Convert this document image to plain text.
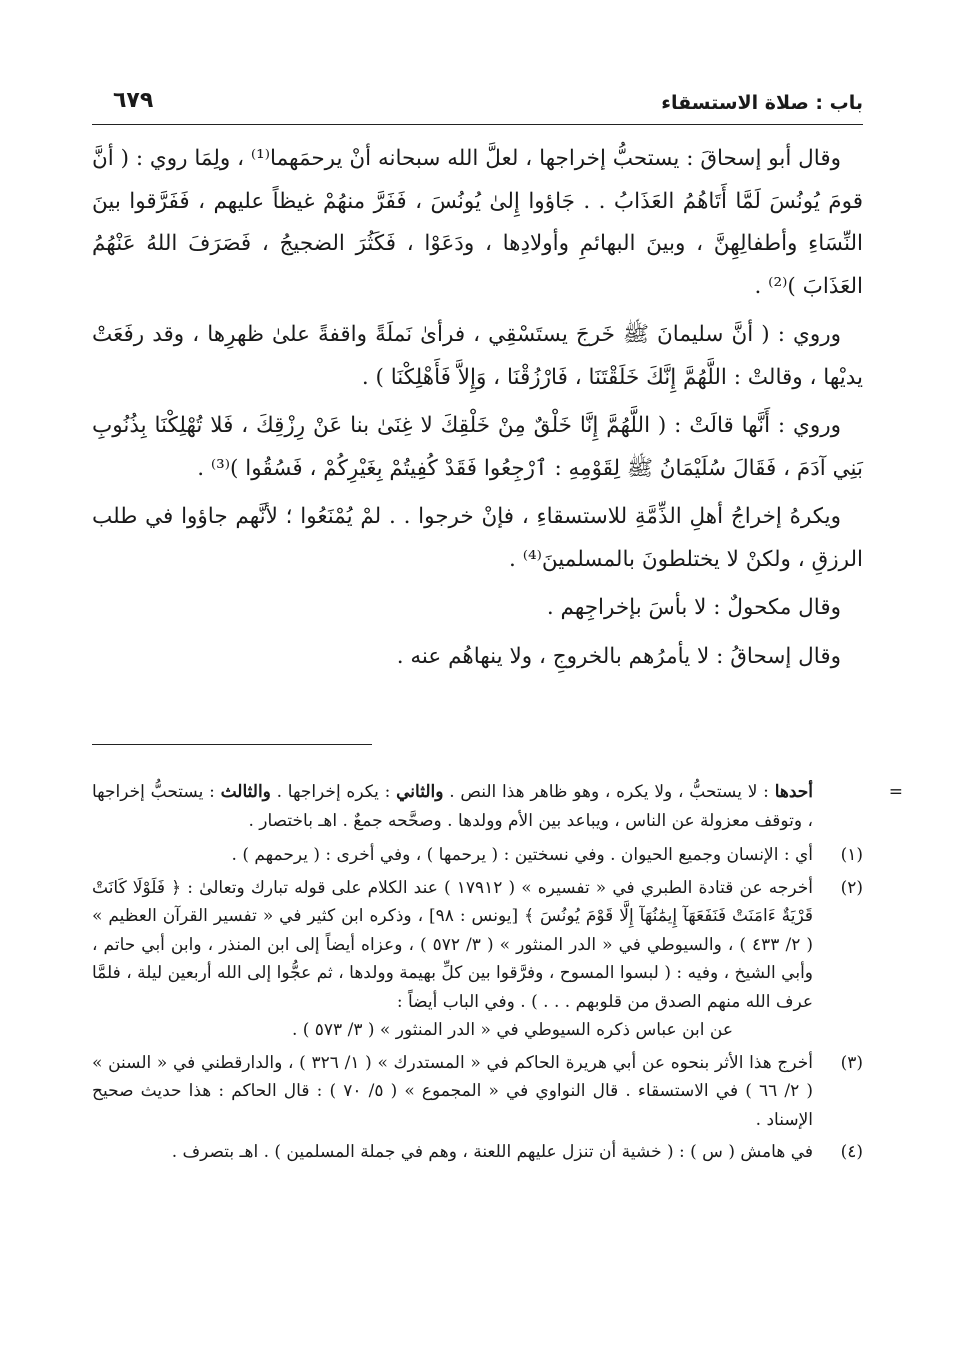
باب : صلاة الاستسقاء
٦٧٩

وقال أبو إسحاقَ : يستحبُّ إخراجها ، لعلَّ الله سبحانه أنْ يرحمَهما⁽¹⁾ ، ولِمَا روي : ( أنَّ قومَ يُونُسَ لَمَّا أَتَاهُمُ العَذَابُ . . جَاؤوا إِلىٰ يُونُسَ ، فَفَرَّ منهُمْ غيظاً عليهم ، فَفَرَّقوا بينَ النِّسَاءِ وأطفالِهِنَّ ، وبينَ البهائمِ وأولادِها ، ودَعَوْا ، فَكَثُرَ الضجيجُ ، فَصَرَفَ اللهُ عَنْهُمُ العَذَابَ )⁽²⁾ .

وروي : ( أنَّ سليمانَ ﷺ خَرجَ يستَسْقِي ، فرأىٰ نَملَةً واقفةً علىٰ ظهرِها ، وقد رفَعَتْ يديْها ، وقالتْ : اللَّهُمَّ إِنَّكَ خَلَقْتَنَا ، فَارْزُقْنَا ، وَإِلاَّ فَأَهْلِكْنَا ) .

وروي : أَنَّها قالَتْ : ( اللَّهُمَّ إِنَّا خَلْقٌ مِنْ خَلْقِكَ لا غِنَىٰ بنا عَنْ رِزْقِكَ ، فَلا تُهْلِكْنَا بِذُنُوبِ بَنِي آدَمَ ، فَقَالَ سُلَيْمَانُ ﷺ لِقَوْمِهِ : ٱرْجِعُوا فَقَدْ كُفِيتُمْ بِغَيْرِكُمْ ، فَسُقُوا )⁽³⁾ .

ويكرهُ إخراجُ أهلِ الذِّمَّةِ للاستسقاءِ ، فإنْ خرجوا . . لمْ يُمْنَعُوا ؛ لأنَّهم جاؤوا في طلب الرزقِ ، ولكنْ لا يختلطونَ بالمسلمينَ⁽⁴⁾ .

وقال مكحولٌ : لا بأسَ بإخراجِهم .

وقال إسحاقُ : لا يأمرُهم بالخروجِ ، ولا ينهاهُم عنه .

=
أحدها : لا يستحبُّ ، ولا يكره ، وهو ظاهر هذا النص . والثاني : يكره إخراجها . والثالث : يستحبُّ إخراجها ، وتوقف معزولة عن الناس ، ويباعد بين الأم وولدها . وصحَّحه جمعٌ . اهـ باختصار .
(١)
أي : الإنسان وجميع الحيوان . وفي نسختين : ( يرحمها ) ، وفي أخرى : ( يرحمهم ) .
(٢)
أخرجه عن قتادة الطبري في « تفسيره » ( ١٧٩١٢ ) عند الكلام على قوله تبارك وتعالىٰ : ﴿ فَلَوْلَا كَانَتْ قَرْيَةٌ ءَامَنَتْ فَنَفَعَهَآ إِيمَٰنُهَآ إِلَّا قَوْمَ يُونُسَ ﴾ [يونس : ٩٨] ، وذكره ابن كثير في « تفسير القرآن العظيم » ( ٢/ ٤٣٣ ) ، والسيوطي في « الدر المنثور » ( ٣/ ٥٧٢ ) ، وعزاه أيضاً إلى ابن المنذر ، وابن أبي حاتم ، وأبي الشيخ ، وفيه : ( لبسوا المسوح ، وفرَّقوا بين كلِّ بهيمة وولدها ، ثم عجُّوا إلى الله أربعين ليلة ، فلمَّا عرف الله منهم الصدق من قلوبهم . . . ) . وفي الباب أيضاً :
عن ابن عباس ذكره السيوطي في « الدر المنثور » ( ٣/ ٥٧٣ ) .
(٣)
أخرج هذا الأثر بنحوه عن أبي هريرة الحاكم في « المستدرك » ( ١/ ٣٢٦ ) ، والدارقطني في « السنن » ( ٢/ ٦٦ ) في الاستسقاء . قال النواوي في « المجموع » ( ٥/ ٧٠ ) : قال الحاكم : هذا حديث صحيح الإسناد .
(٤)
في هامش ( س ) : ( خشية أن تنزل عليهم اللعنة ، وهم في جملة المسلمين ) . اهـ بتصرف .
